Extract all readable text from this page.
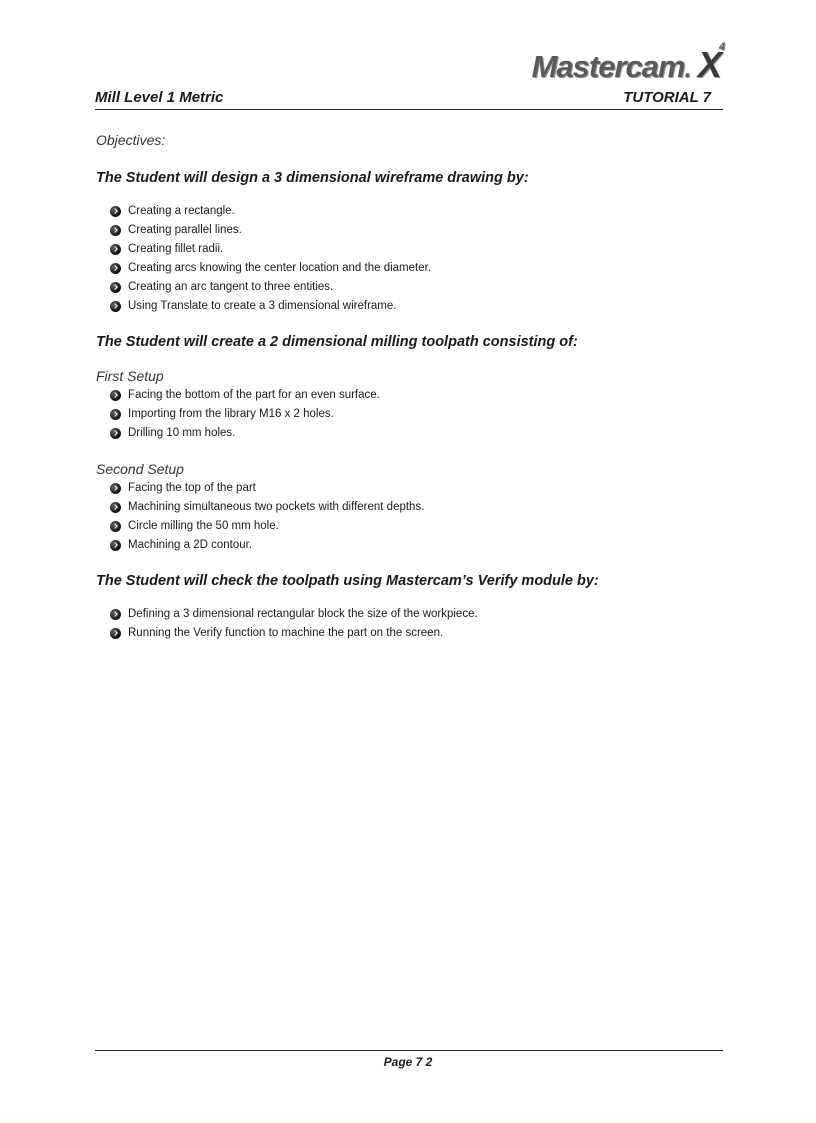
Mastercam. $X^4$
Mill Level 1 Metric	TUTORIAL 7
Objectives:
The Student will design a 3 dimensional wireframe drawing by:
Creating a rectangle.
Creating parallel lines.
Creating fillet radii.
Creating arcs knowing the center location and the diameter.
Creating an arc tangent to three entities.
Using Translate to create a 3 dimensional wireframe.
The Student will create a 2 dimensional milling toolpath consisting of:
First Setup
Facing the bottom of the part for an even surface.
Importing from the library M16 x 2 holes.
Drilling 10 mm holes.
Second Setup
Facing the top of the part
Machining simultaneous two pockets with different depths.
Circle milling the 50 mm hole.
Machining a 2D contour.
The Student will check the toolpath using Mastercam’s Verify module by:
Defining a 3 dimensional rectangular block the size of the workpiece.
Running the Verify function to machine the part on the screen.
Page 7 2
